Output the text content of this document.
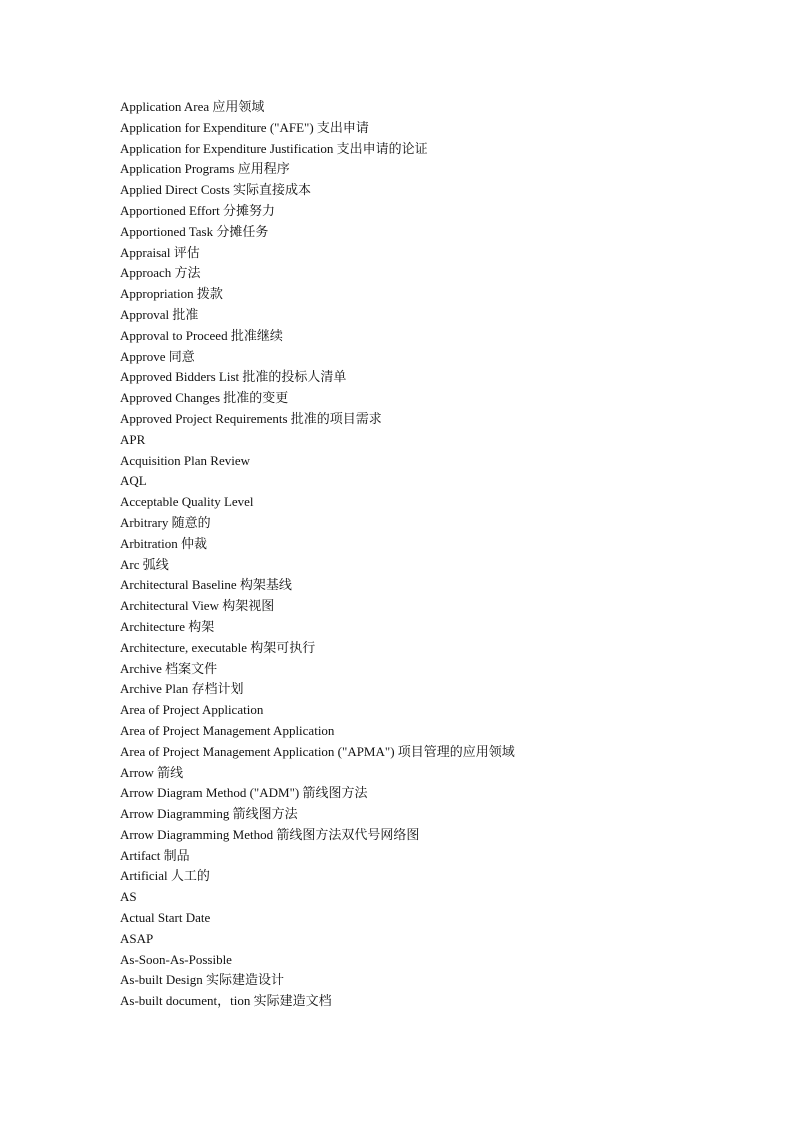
Application Area 应用领域
Application for Expenditure ("AFE") 支出申请
Application for Expenditure Justification 支出申请的论证
Application Programs 应用程序
Applied Direct Costs 实际直接成本
Apportioned Effort 分摊努力
Apportioned Task 分摊任务
Appraisal 评估
Approach 方法
Appropriation 拨款
Approval 批准
Approval to Proceed 批准继续
Approve 同意
Approved Bidders List 批准的投标人清单
Approved Changes 批准的变更
Approved Project Requirements 批准的项目需求
APR
Acquisition Plan Review
AQL
Acceptable Quality Level
Arbitrary 随意的
Arbitration 仲裁
Arc 弧线
Architectural Baseline 构架基线
Architectural View 构架视图
Architecture 构架
Architecture, executable 构架可执行
Archive 档案文件
Archive Plan 存档计划
Area of Project Application
Area of Project Management Application
Area of Project Management Application ("APMA") 项目管理的应用领域
Arrow 箭线
Arrow Diagram Method ("ADM") 箭线图方法
Arrow Diagramming 箭线图方法
Arrow Diagramming Method 箭线图方法双代号网络图
Artifact 制品
Artificial 人工的
AS
Actual Start Date
ASAP
As-Soon-As-Possible
As-built Design 实际建造设计
As-built document，tion 实际建造文档
